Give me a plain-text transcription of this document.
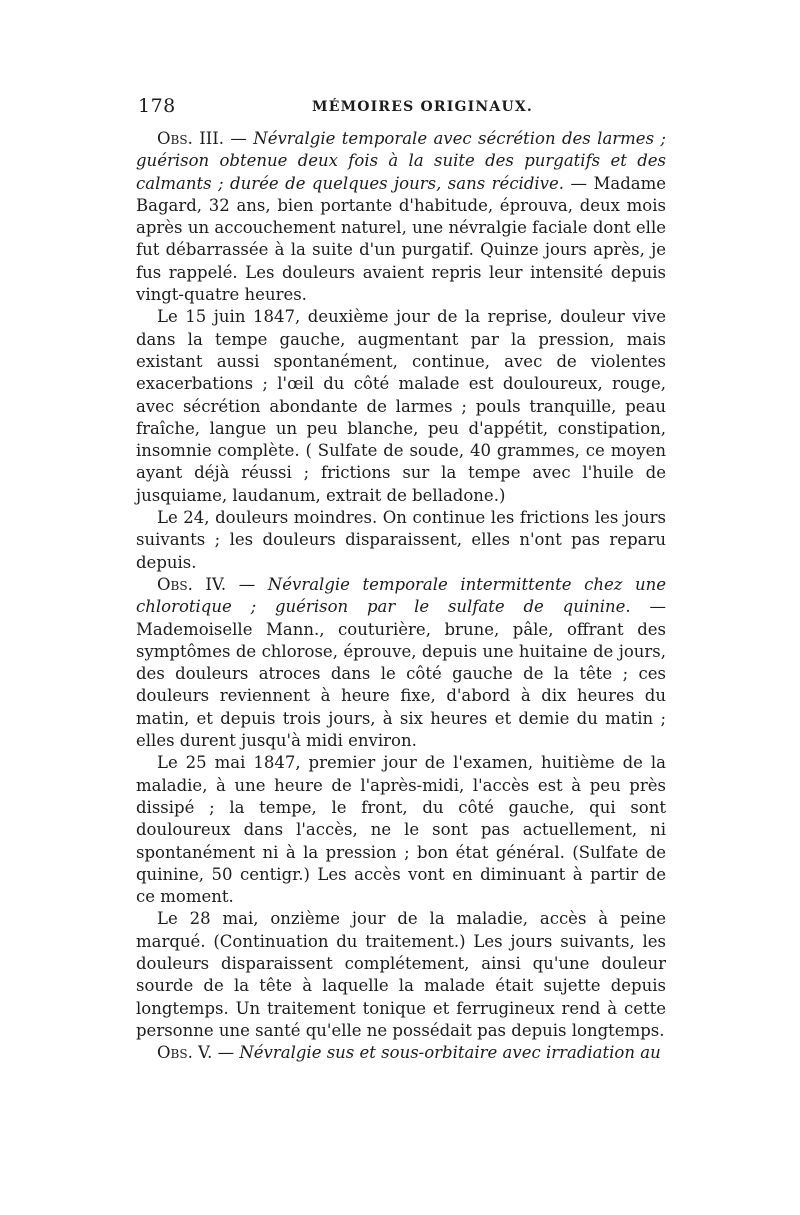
178	MÉMOIRES ORIGINAUX.

Obs. III. — Névralgie temporale avec sécrétion des larmes ; guérison obtenue deux fois à la suite des purgatifs et des calmants ; durée de quelques jours, sans récidive. — Madame Bagard, 32 ans, bien portante d'habitude, éprouva, deux mois après un accouchement naturel, une névralgie faciale dont elle fut débarrassée à la suite d'un purgatif. Quinze jours après, je fus rappelé. Les douleurs avaient repris leur intensité depuis vingt-quatre heures.

Le 15 juin 1847, deuxième jour de la reprise, douleur vive dans la tempe gauche, augmentant par la pression, mais existant aussi spontanément, continue, avec de violentes exacerbations ; l'œil du côté malade est douloureux, rouge, avec sécrétion abondante de larmes ; pouls tranquille, peau fraîche, langue un peu blanche, peu d'appétit, constipation, insomnie complète. ( Sulfate de soude, 40 grammes, ce moyen ayant déjà réussi ; frictions sur la tempe avec l'huile de jusquiame, laudanum, extrait de belladone.)

Le 24, douleurs moindres. On continue les frictions les jours suivants ; les douleurs disparaissent, elles n'ont pas reparu depuis.

Obs. IV. — Névralgie temporale intermittente chez une chlorotique ; guérison par le sulfate de quinine. — Mademoiselle Mann., couturière, brune, pâle, offrant des symptômes de chlorose, éprouve, depuis une huitaine de jours, des douleurs atroces dans le côté gauche de la tête ; ces douleurs reviennent à heure fixe, d'abord à dix heures du matin, et depuis trois jours, à six heures et demie du matin ; elles durent jusqu'à midi environ.

Le 25 mai 1847, premier jour de l'examen, huitième de la maladie, à une heure de l'après-midi, l'accès est à peu près dissipé ; la tempe, le front, du côté gauche, qui sont douloureux dans l'accès, ne le sont pas actuellement, ni spontanément ni à la pression ; bon état général. (Sulfate de quinine, 50 centigr.) Les accès vont en diminuant à partir de ce moment.

Le 28 mai, onzième jour de la maladie, accès à peine marqué. (Continuation du traitement.) Les jours suivants, les douleurs disparaissent complétement, ainsi qu'une douleur sourde de la tête à laquelle la malade était sujette depuis longtemps. Un traitement tonique et ferrugineux rend à cette personne une santé qu'elle ne possédait pas depuis longtemps.

Obs. V. — Névralgie sus et sous-orbitaire avec irradiation au
